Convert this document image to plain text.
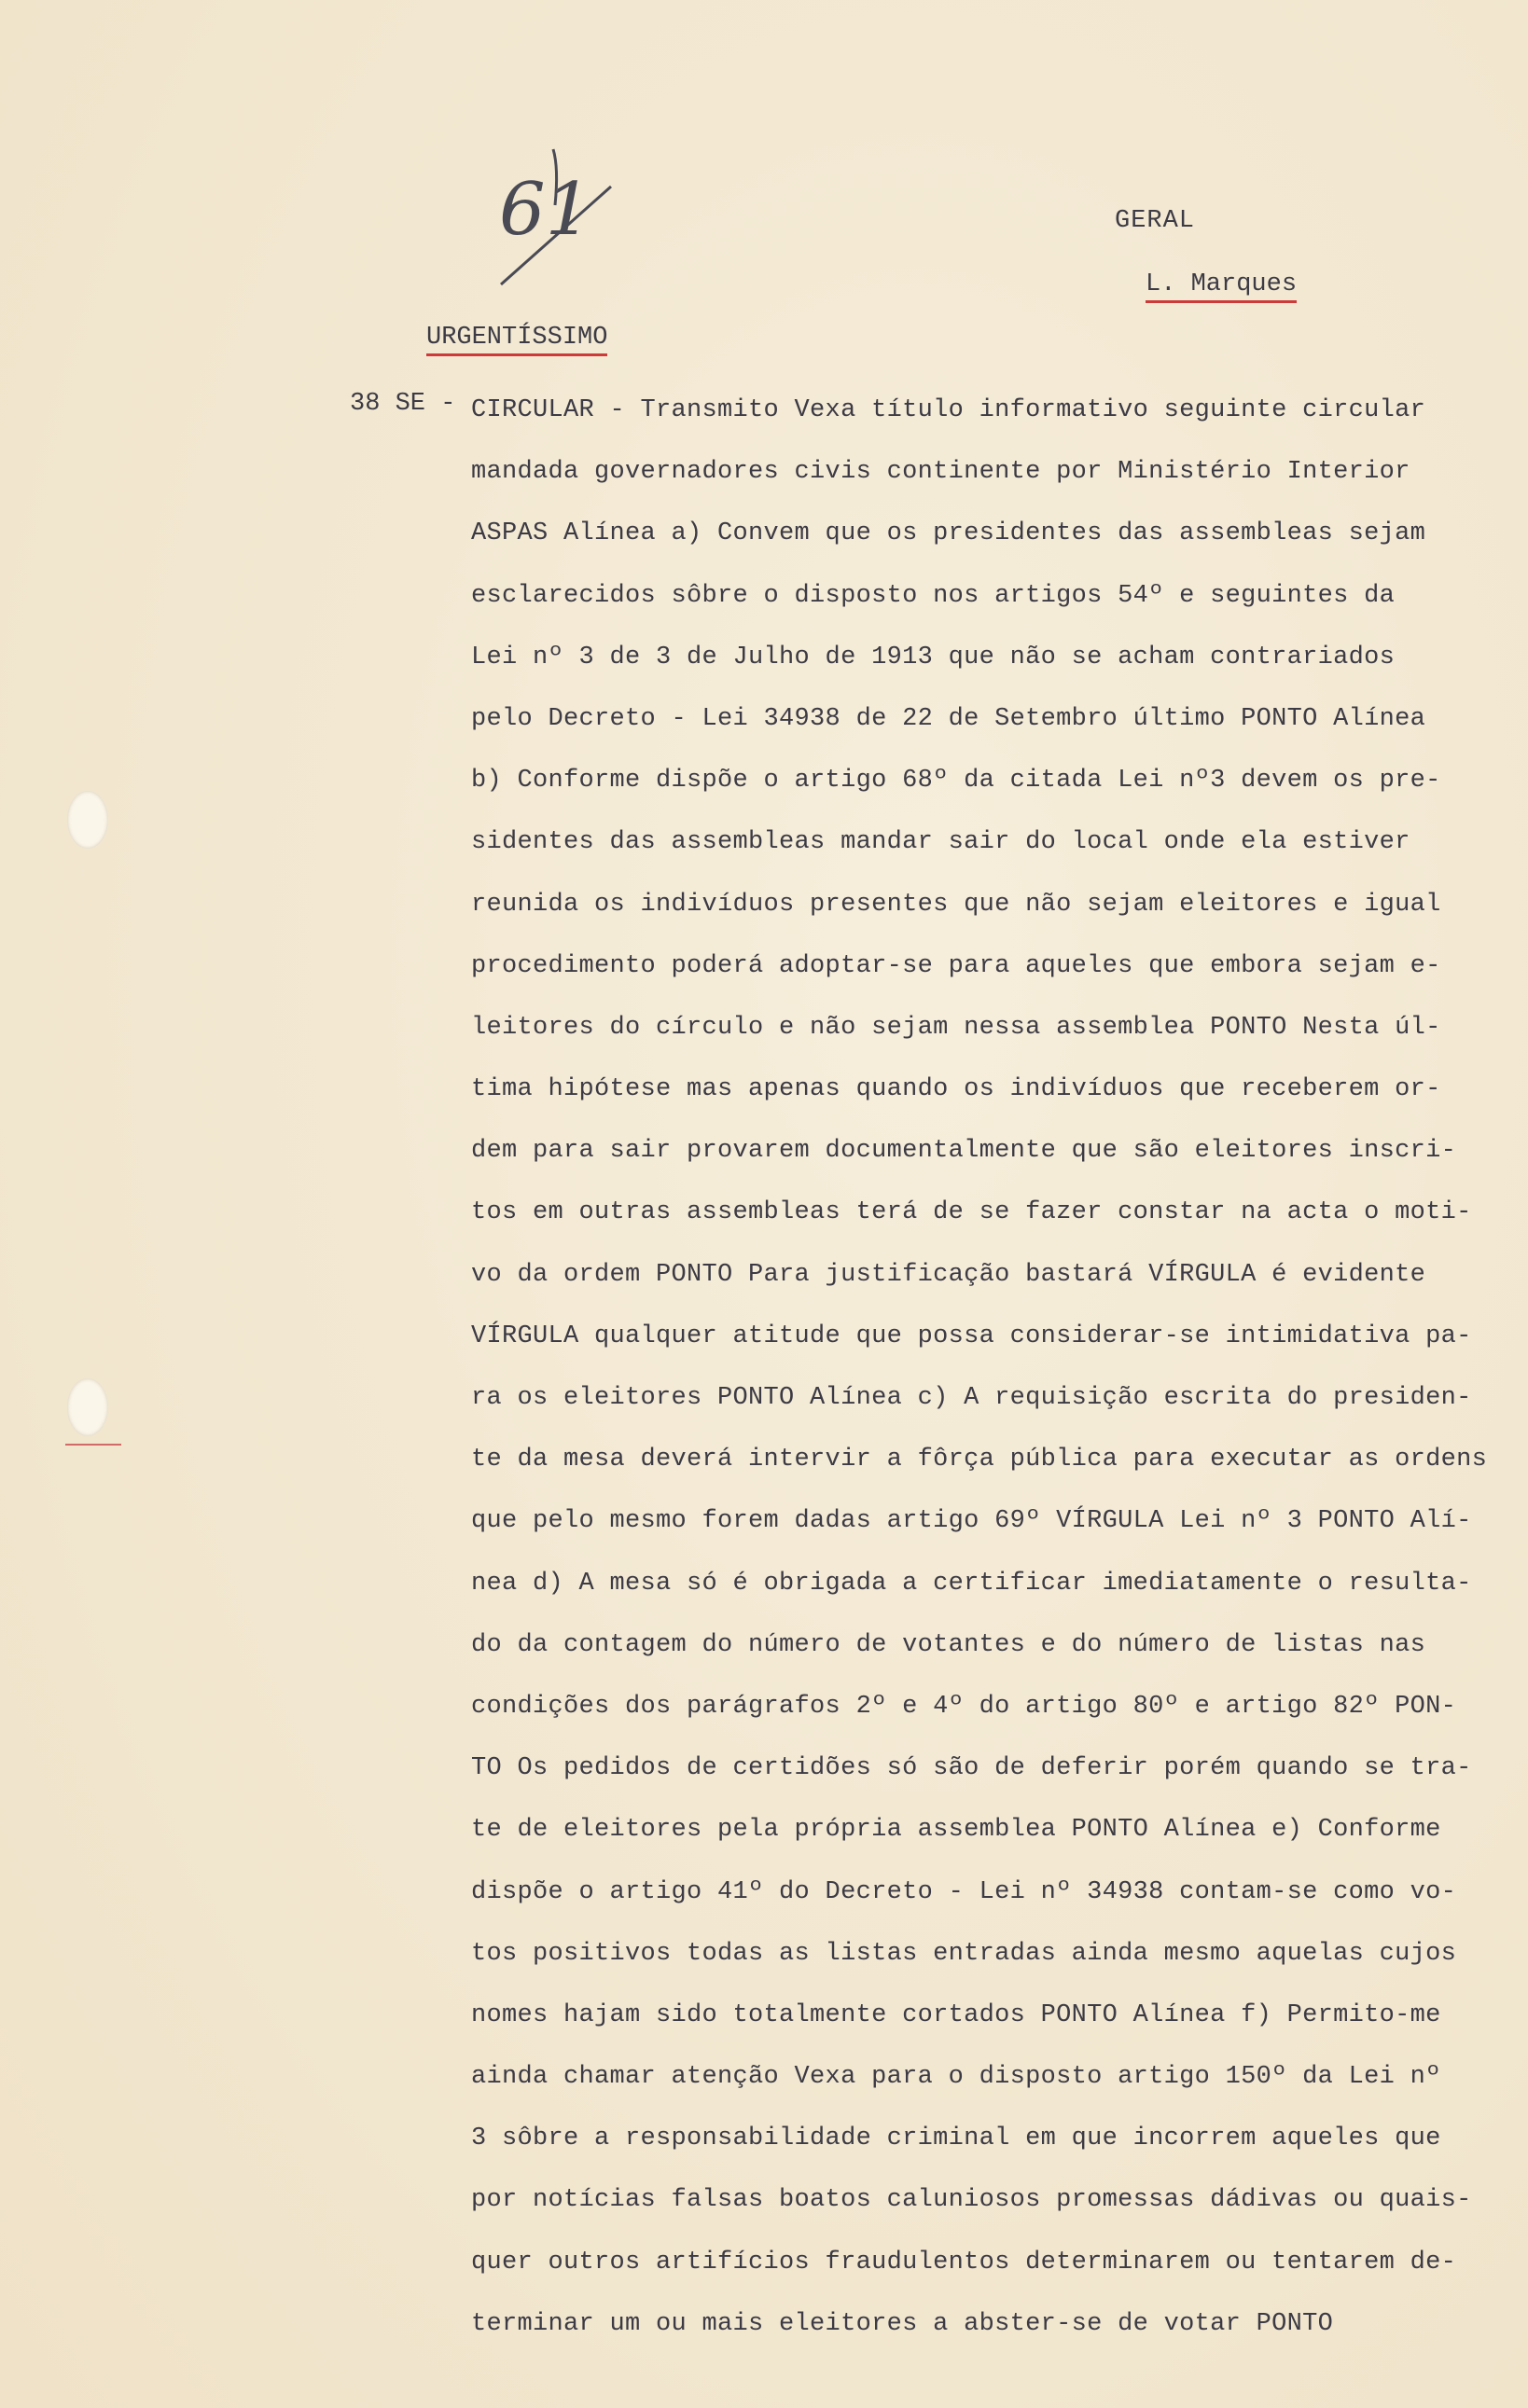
61	GERAL
L. Marques
URGENTÍSSIMO
38 SE - CIRCULAR - Transmito Vexa título informativo seguinte circular
mandada governadores civis continente por Ministério Interior
ASPAS Alínea a) Convem que os presidentes das assembleas sejam
esclarecidos sôbre o disposto nos artigos 54º e seguintes da
Lei nº 3 de 3 de Julho de 1913 que não se acham contrariados
pelo Decreto - Lei 34938 de 22 de Setembro último PONTO Alínea
b) Conforme dispõe o artigo 68º da citada Lei nº3 devem os pre-
sidentes das assembleas mandar sair do local onde ela estiver
reunida os indivíduos presentes que não sejam eleitores e igual
procedimento poderá adoptar-se para aqueles que embora sejam e-
leitores do círculo e não sejam nessa assemblea PONTO Nesta úl-
tima hipótese mas apenas quando os indivíduos que receberem or-
dem para sair provarem documentalmente que são eleitores inscri-
tos em outras assembleas terá de se fazer constar na acta o moti-
vo da ordem PONTO Para justificação bastará VÍRGULA é evidente
VÍRGULA qualquer atitude que possa considerar-se intimidativa pa-
ra os eleitores PONTO Alínea c) A requisição escrita do presiden-
te da mesa deverá intervir a fôrça pública para executar as ordens
que pelo mesmo forem dadas artigo 69º VÍRGULA Lei nº 3 PONTO Alí-
nea d) A mesa só é obrigada a certificar imediatamente o resulta-
do da contagem do número de votantes e do número de listas nas
condições dos parágrafos 2º e 4º do artigo 80º e artigo 82º PON-
TO Os pedidos de certidões só são de deferir porém quando se tra-
te de eleitores pela própria assemblea PONTO Alínea e) Conforme
dispõe o artigo 41º do Decreto - Lei nº 34938 contam-se como vo-
tos positivos todas as listas entradas ainda mesmo aquelas cujos
nomes hajam sido totalmente cortados PONTO Alínea f) Permito-me
ainda chamar atenção Vexa para o disposto artigo 150º da Lei nº
3 sôbre a responsabilidade criminal em que incorrem aqueles que
por notícias falsas boatos caluniosos promessas dádivas ou quais-
quer outros artifícios fraudulentos determinarem ou tentarem de-
terminar um ou mais eleitores a abster-se de votar PONTO
